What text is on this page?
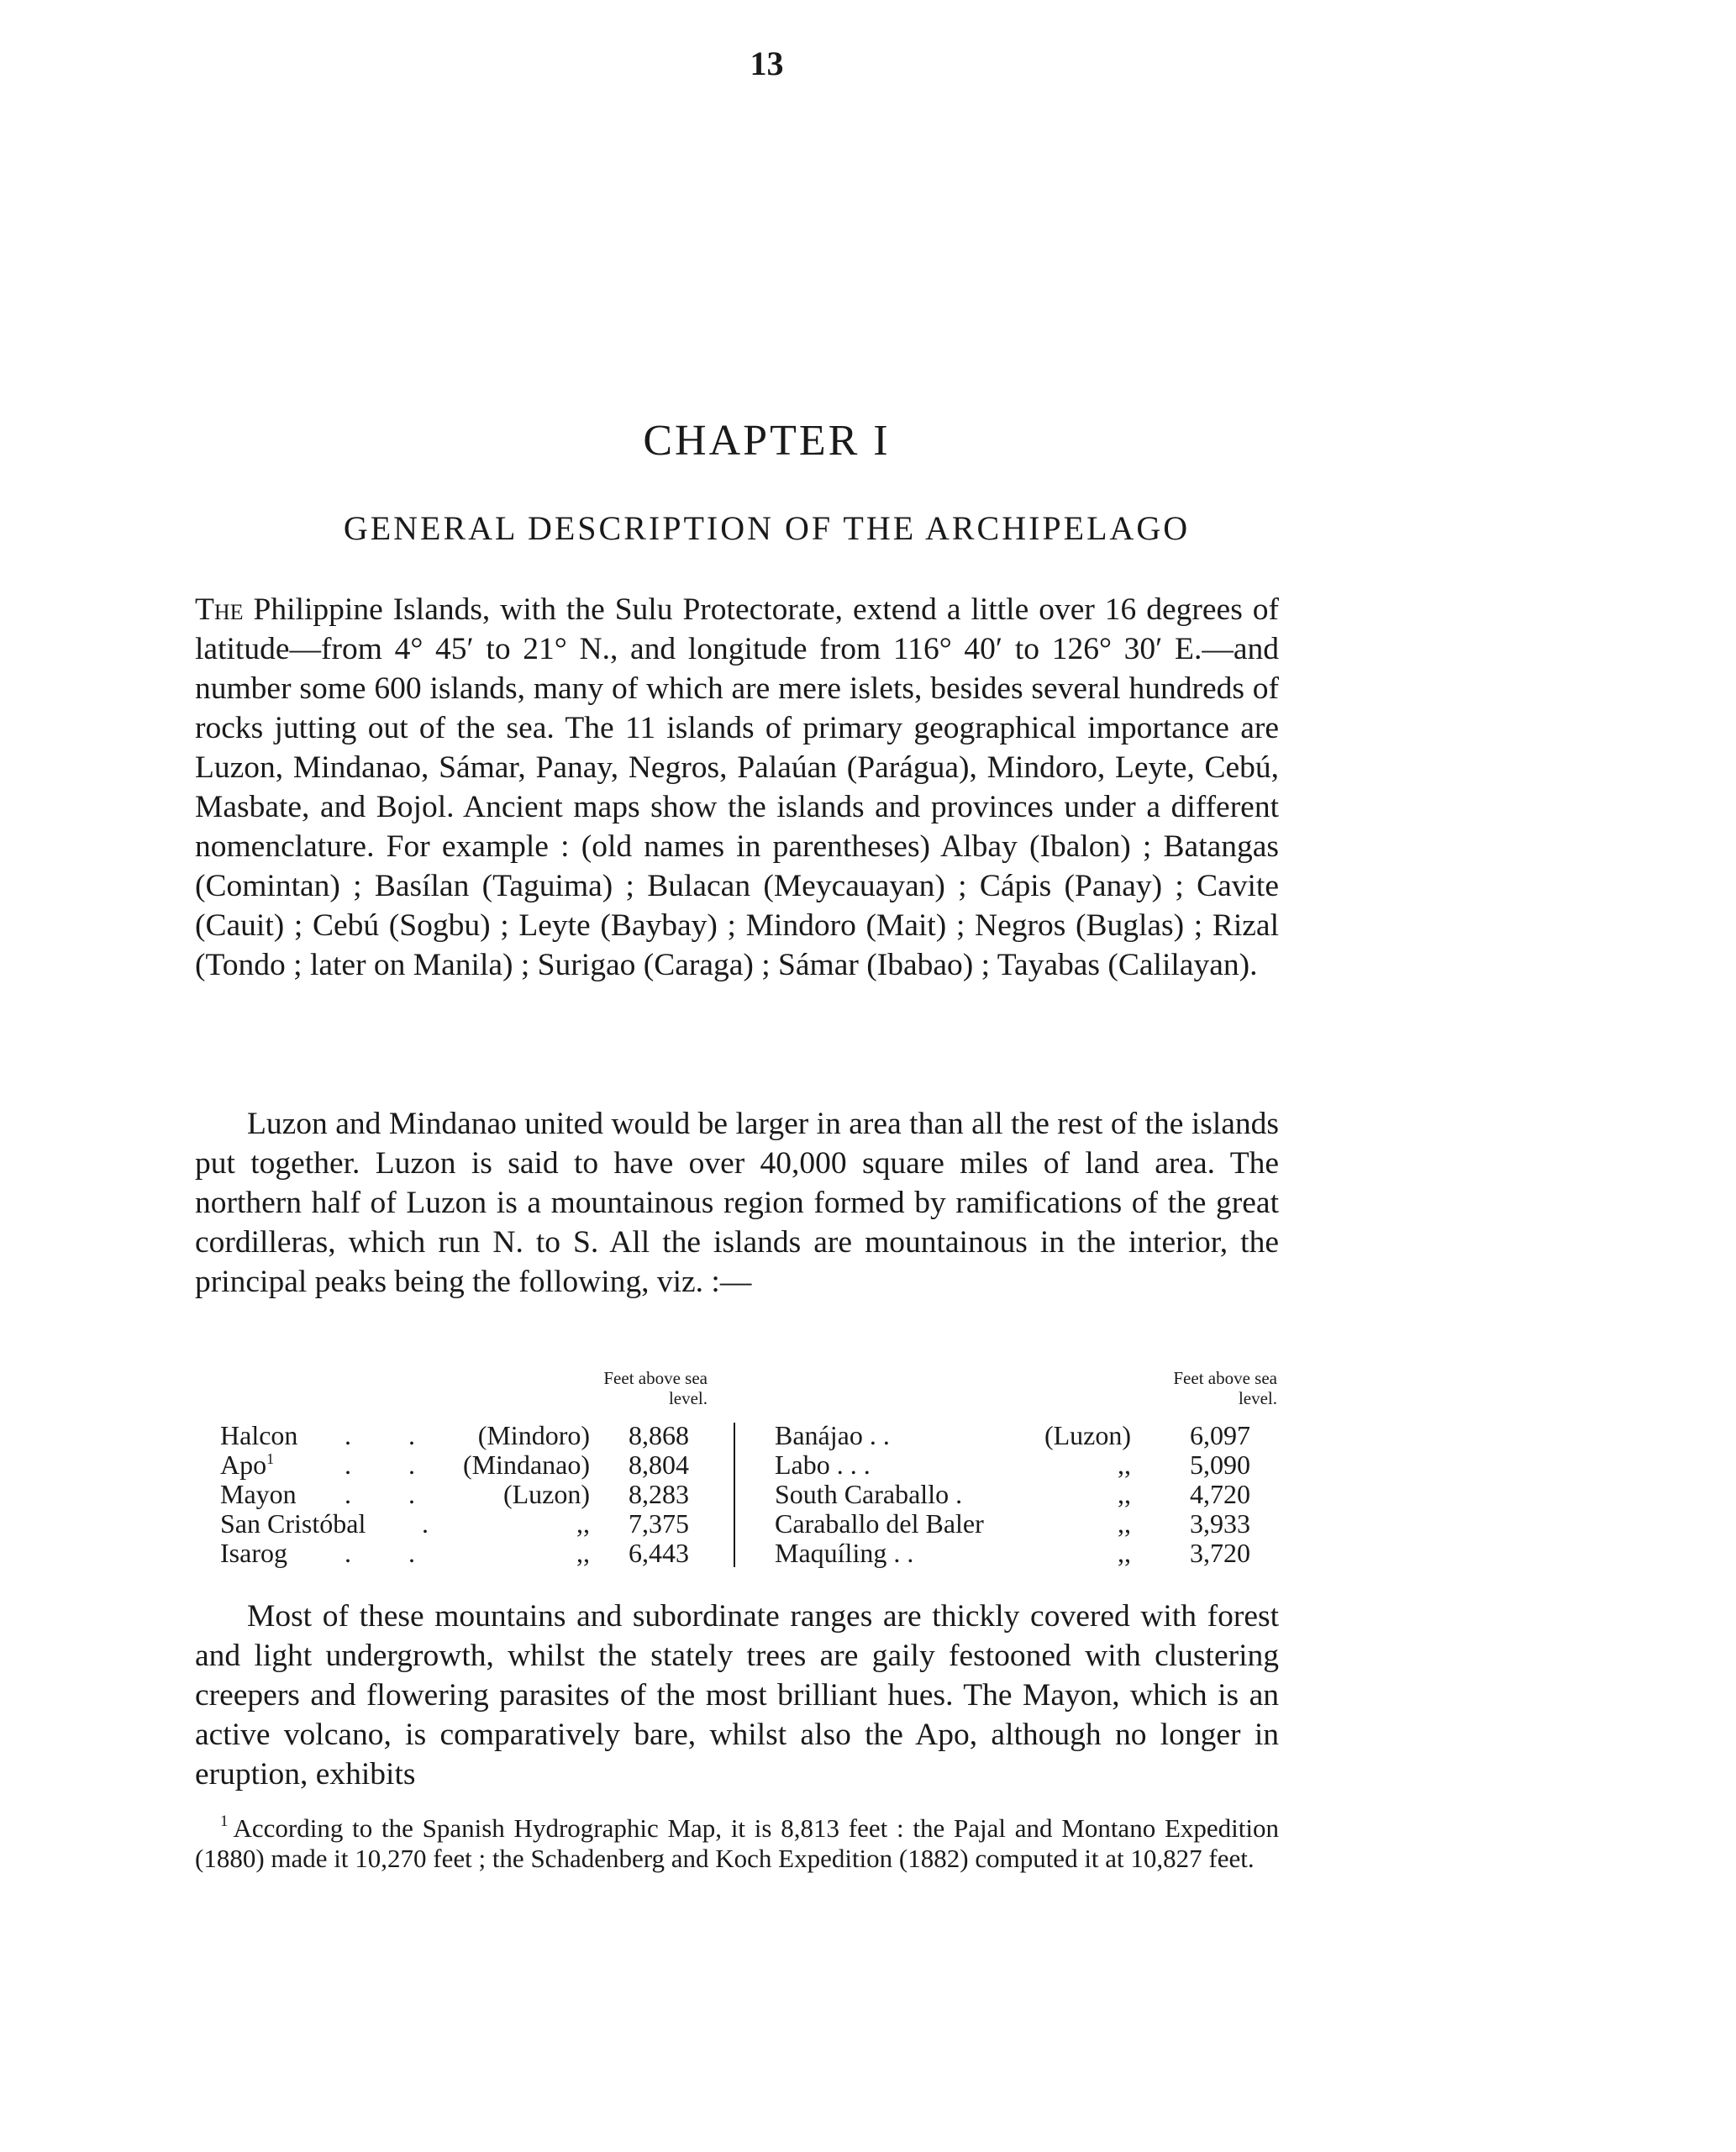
13
CHAPTER I
GENERAL DESCRIPTION OF THE ARCHIPELAGO

The Philippine Islands, with the Sulu Protectorate, extend a little over 16 degrees of latitude—from 4° 45′ to 21° N., and longitude from 116° 40′ to 126° 30′ E.—and number some 600 islands, many of which are mere islets, besides several hundreds of rocks jutting out of the sea. The 11 islands of primary geographical importance are Luzon, Mindanao, Sámar, Panay, Negros, Palaúan (Parágua), Mindoro, Leyte, Cebú, Masbate, and Bojol. Ancient maps show the islands and provinces under a different nomenclature. For example : (old names in parentheses) Albay (Ibalon) ; Batangas (Comintan) ; Basílan (Taguima) ; Bulacan (Meycauayan) ; Cápis (Panay) ; Cavite (Cauit) ; Cebú (Sogbu) ; Leyte (Baybay) ; Mindoro (Mait) ; Negros (Buglas) ; Rizal (Tondo ; later on Manila) ; Surigao (Caraga) ; Sámar (Ibabao) ; Tayabas (Calilayan).

Luzon and Mindanao united would be larger in area than all the rest of the islands put together. Luzon is said to have over 40,000 square miles of land area. The northern half of Luzon is a mountainous region formed by ramifications of the great cordilleras, which run N. to S. All the islands are mountainous in the interior, the principal peaks being the following, viz. :—

Feet above sea level.
Feet above sea level.
Halcon . .	(Mindoro)	8,868	Banájao . .	(Luzon)	6,097
Apo$^1$	. . (Mindanao)	8,804	Labo . . .	,,	5,090
Mayon . .	(Luzon)	8,283	South Caraballo .	,,	4,720
San Cristóbal .	,,	7,375	Caraballo del Baler	,,	3,933
Isarog . .	,,	6,443	Maquíling . .	,,	3,720

Most of these mountains and subordinate ranges are thickly covered with forest and light undergrowth, whilst the stately trees are gaily festooned with clustering creepers and flowering parasites of the most brilliant hues. The Mayon, which is an active volcano, is comparatively bare, whilst also the Apo, although no longer in eruption, exhibits

$^1$ According to the Spanish Hydrographic Map, it is 8,813 feet : the Pajal and Montano Expedition (1880) made it 10,270 feet ; the Schadenberg and Koch Expedition (1882) computed it at 10,827 feet.
